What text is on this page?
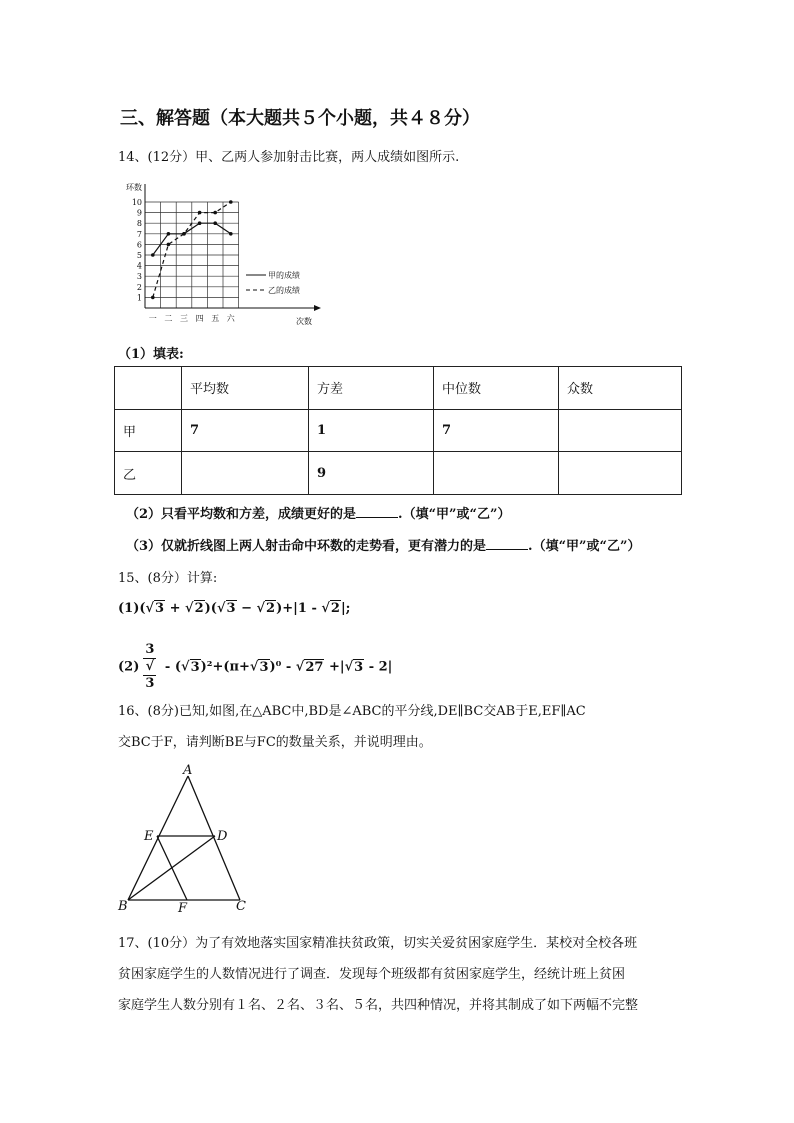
三、解答题（本大题共５个小题，共４８分）
14、(12分）甲、乙两人参加射击比赛，两人成绩如图所示.
1
2
3
4
5
6
7
8
9
10
一 二 三 四 五 六
环数
次数
甲的成绩
乙的成绩
（1）填表:
	平均数	方差	中位数	众数
甲	7	1	7	
乙		9		
（2）只看平均数和方差，成绩更好的是	.（填“甲”或“乙”）
（3）仅就折线图上两人射击命中环数的走势看，更有潜力的是	.（填“甲”或“乙”）
15、(8分）计算:
(1)(√3 + √2)(√3 − √2)+|1 - √2|;
(2) 3
√
3 - (√3)²+(π+√3)⁰ - √27 +|√3 - 2|
16、(8分)已知,如图,在△ABC中,BD是∠ABC的平分线,DE∥BC交AB于E,EF∥AC
交BC于F，请判断BE与FC的数量关系，并说明理由。
A
E	D
B	F	C
17、(10分）为了有效地落实国家精准扶贫政策，切实关爱贫困家庭学生．某校对全校各班
贫困家庭学生的人数情况进行了调查．发现每个班级都有贫困家庭学生，经统计班上贫困
家庭学生人数分别有１名、２名、３名、５名，共四种情况，并将其制成了如下两幅不完整
